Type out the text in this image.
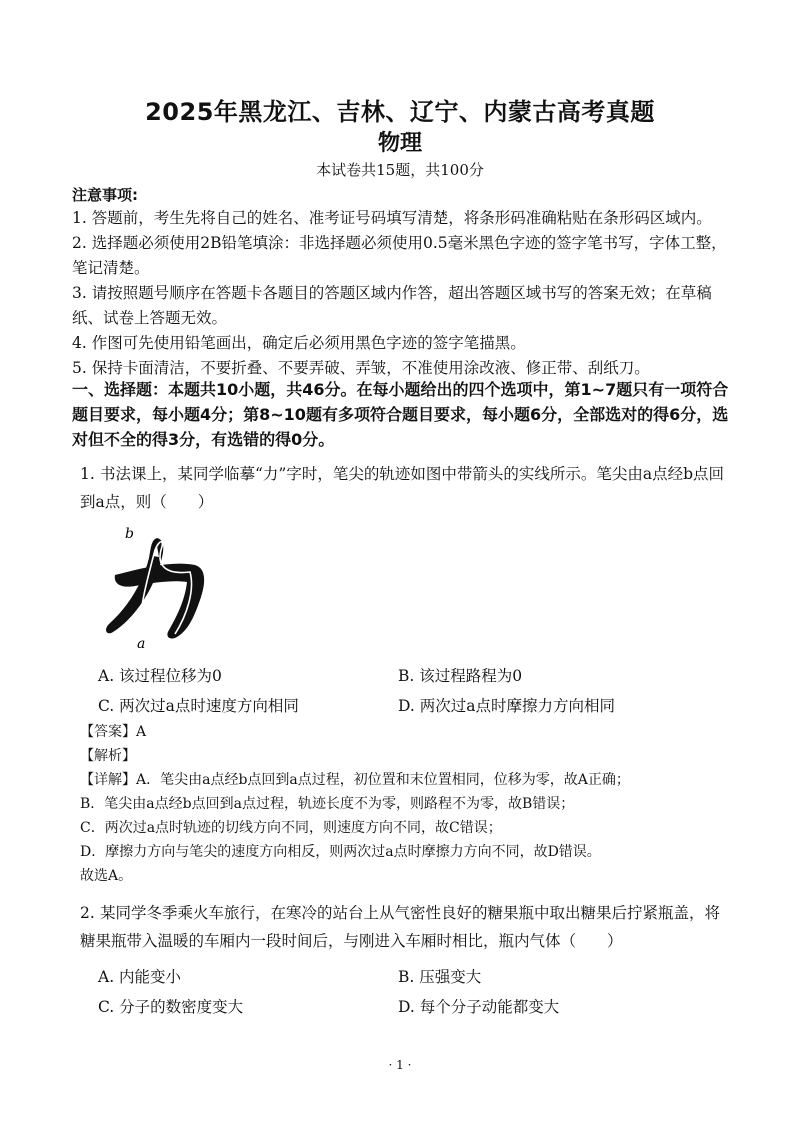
2025年黑龙江、吉林、辽宁、内蒙古高考真题
物理
本试卷共15题，共100分
注意事项:

1. 答题前，考生先将自己的姓名、准考证号码填写清楚，将条形码准确粘贴在条形码区域内。

2. 选择题必须使用2B铅笔填涂：非选择题必须使用0.5毫米黑色字迹的签字笔书写，字体工整，笔记清楚。

3. 请按照题号顺序在答题卡各题目的答题区域内作答，超出答题区域书写的答案无效；在草稿纸、试卷上答题无效。

4. 作图可先使用铅笔画出，确定后必须用黑色字迹的签字笔描黑。

5. 保持卡面清洁，不要折叠、不要弄破、弄皱，不准使用涂改液、修正带、刮纸刀。

一、选择题：本题共10小题，共46分。在每小题给出的四个选项中，第1~7题只有一项符合题目要求，每小题4分；第8~10题有多项符合题目要求，每小题6分，全部选对的得6分，选对但不全的得3分，有选错的得0分。
1. 书法课上，某同学临摹“力”字时，笔尖的轨迹如图中带箭头的实线所示。笔尖由a点经b点回到a点，则（　　）
b
a
A. 该过程位移为0	B. 该过程路程为0
C. 两次过a点时速度方向相同	D. 两次过a点时摩擦力方向相同

【答案】A

【解析】

【详解】A．笔尖由a点经b点回到a点过程，初位置和末位置相同，位移为零，故A正确；

B．笔尖由a点经b点回到a点过程，轨迹长度不为零，则路程不为零，故B错误；

C．两次过a点时轨迹的切线方向不同，则速度方向不同，故C错误；

D．摩擦力方向与笔尖的速度方向相反，则两次过a点时摩擦力方向不同，故D错误。

故选A。

2. 某同学冬季乘火车旅行，在寒冷的站台上从气密性良好的糖果瓶中取出糖果后拧紧瓶盖，将糖果瓶带入温暖的车厢内一段时间后，与刚进入车厢时相比，瓶内气体（　　）
A. 内能变小	B. 压强变大
C. 分子的数密度变大	D. 每个分子动能都变大
· 1 ·
